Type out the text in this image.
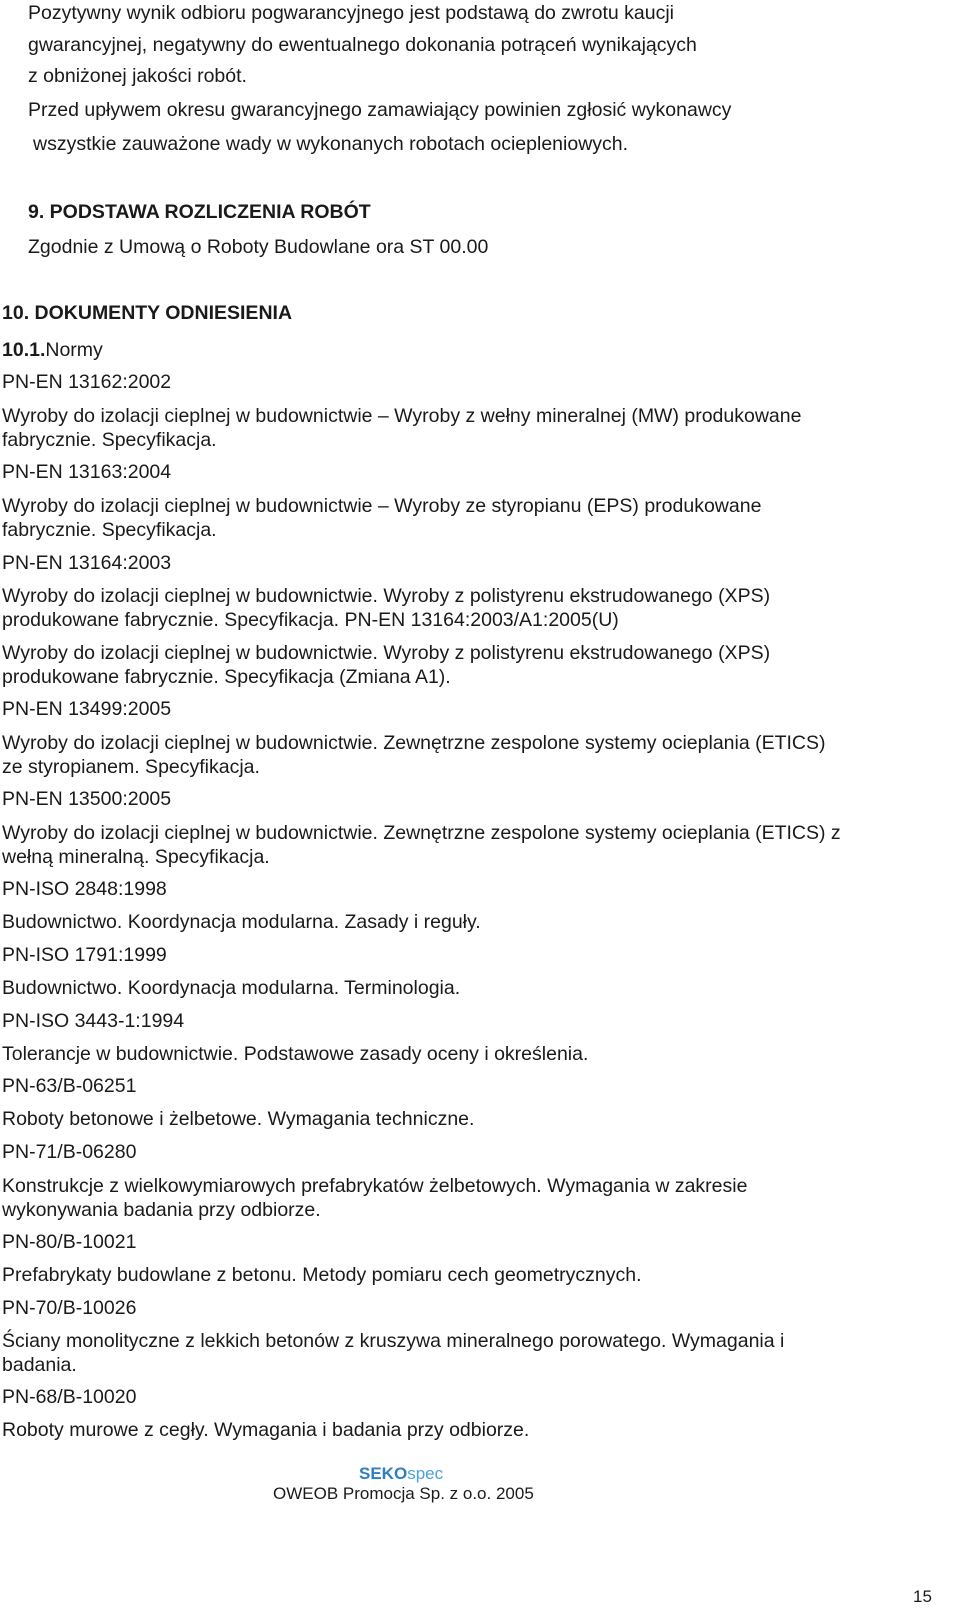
Pozytywny wynik odbioru pogwarancyjnego jest podstawą do zwrotu kaucji
gwarancyjnej, negatywny do ewentualnego dokonania potrąceń wynikających
z obniżonej jakości robót.
Przed upływem okresu gwarancyjnego zamawiający powinien zgłosić wykonawcy
wszystkie zauważone wady w wykonanych robotach ociepleniowych.
9. PODSTAWA ROZLICZENIA ROBÓT
Zgodnie z Umową o Roboty Budowlane ora ST 00.00
10. DOKUMENTY ODNIESIENIA
10.1.Normy
PN-EN 13162:2002
Wyroby do izolacji cieplnej w budownictwie – Wyroby z wełny mineralnej (MW) produkowane
fabrycznie. Specyfikacja.
PN-EN 13163:2004
Wyroby do izolacji cieplnej w budownictwie – Wyroby ze styropianu (EPS) produkowane
fabrycznie. Specyfikacja.
PN-EN 13164:2003
Wyroby do izolacji cieplnej w budownictwie. Wyroby z polistyrenu ekstrudowanego (XPS)
produkowane fabrycznie. Specyfikacja. PN-EN 13164:2003/A1:2005(U)
Wyroby do izolacji cieplnej w budownictwie. Wyroby z polistyrenu ekstrudowanego (XPS)
produkowane fabrycznie. Specyfikacja (Zmiana A1).
PN-EN 13499:2005
Wyroby do izolacji cieplnej w budownictwie. Zewnętrzne zespolone systemy ocieplania (ETICS)
ze styropianem. Specyfikacja.
PN-EN 13500:2005
Wyroby do izolacji cieplnej w budownictwie. Zewnętrzne zespolone systemy ocieplania (ETICS) z
wełną mineralną. Specyfikacja.
PN-ISO 2848:1998
Budownictwo. Koordynacja modularna. Zasady i reguły.
PN-ISO 1791:1999
Budownictwo. Koordynacja modularna. Terminologia.
PN-ISO 3443-1:1994
Tolerancje w budownictwie. Podstawowe zasady oceny i określenia.
PN-63/B-06251
Roboty betonowe i żelbetowe. Wymagania techniczne.
PN-71/B-06280
Konstrukcje z wielkowymiarowych prefabrykatów żelbetowych. Wymagania w zakresie
wykonywania badania przy odbiorze.
PN-80/B-10021
Prefabrykaty budowlane z betonu. Metody pomiaru cech geometrycznych.
PN-70/B-10026
Ściany monolityczne z lekkich betonów z kruszywa mineralnego porowatego. Wymagania i
badania.
PN-68/B-10020
Roboty murowe z cegły. Wymagania i badania przy odbiorze.
SEKOspec
OWEOB Promocja Sp. z o.o. 2005
15
